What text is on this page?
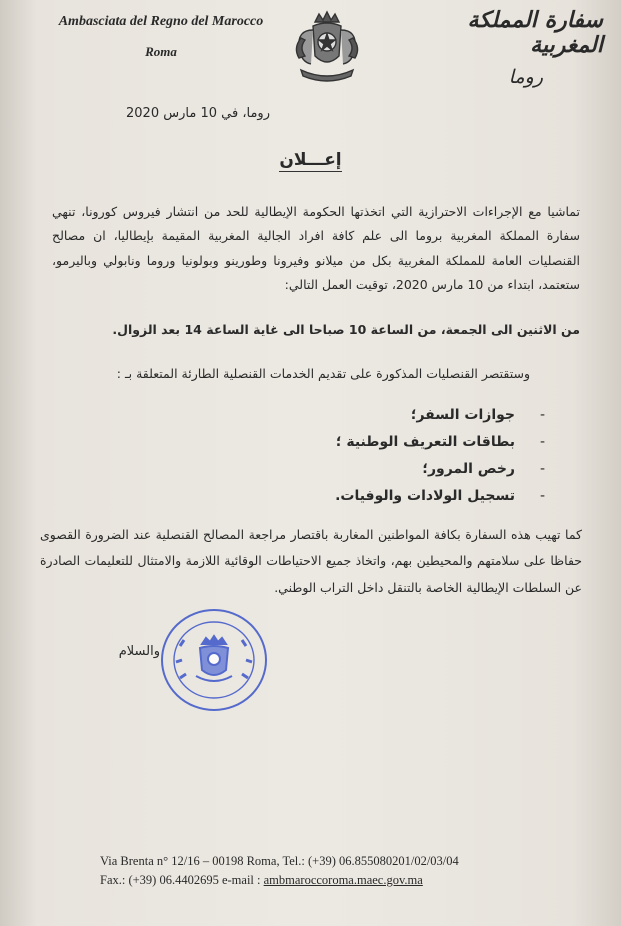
Ambasciata del Regno del Marocco
Roma
سفارة المملكة المغربية
روما
روما، في 10 مارس 2020
إعـــلان
تماشيا مع الإجراءات الاحترازية التي اتخذتها الحكومة الإيطالية للحد من انتشار فيروس كورونا، تنهي سفارة المملكة المغربية بروما الى علم كافة افراد الجالية المغربية المقيمة بإيطاليا، ان مصالح القنصليات العامة للمملكة المغربية بكل من ميلانو وفيرونا وطورينو وبولونيا وروما ونابولي وباليرمو، ستعتمد، ابتداء من 10 مارس 2020، توقيت العمل التالي:
من الاثنين الى الجمعة، من الساعة 10 صباحا الى غاية الساعة 14 بعد الزوال.
وستقتصر القنصليات المذكورة على تقديم الخدمات القنصلية الطارئة المتعلقة بـ :
-جوازات السفر؛
-بطاقات التعريف الوطنية ؛
-رخص المرور؛
-تسجيل الولادات والوفيات.
كما تهيب هذه السفارة بكافة المواطنين المغاربة باقتصار مراجعة المصالح القنصلية عند الضرورة القصوى حفاظا على سلامتهم والمحيطين بهم، واتخاذ جميع الاحتياطات الوقائية اللازمة والامتثال للتعليمات الصادرة عن السلطات الإيطالية الخاصة بالتنقل داخل التراب الوطني.
والسلام
Via Brenta n° 12/16 – 00198 Roma, Tel.: (+39) 06.855080201/02/03/04
Fax.: (+39) 06.4402695 e-mail : ambmaroccoroma.maec.gov.ma
